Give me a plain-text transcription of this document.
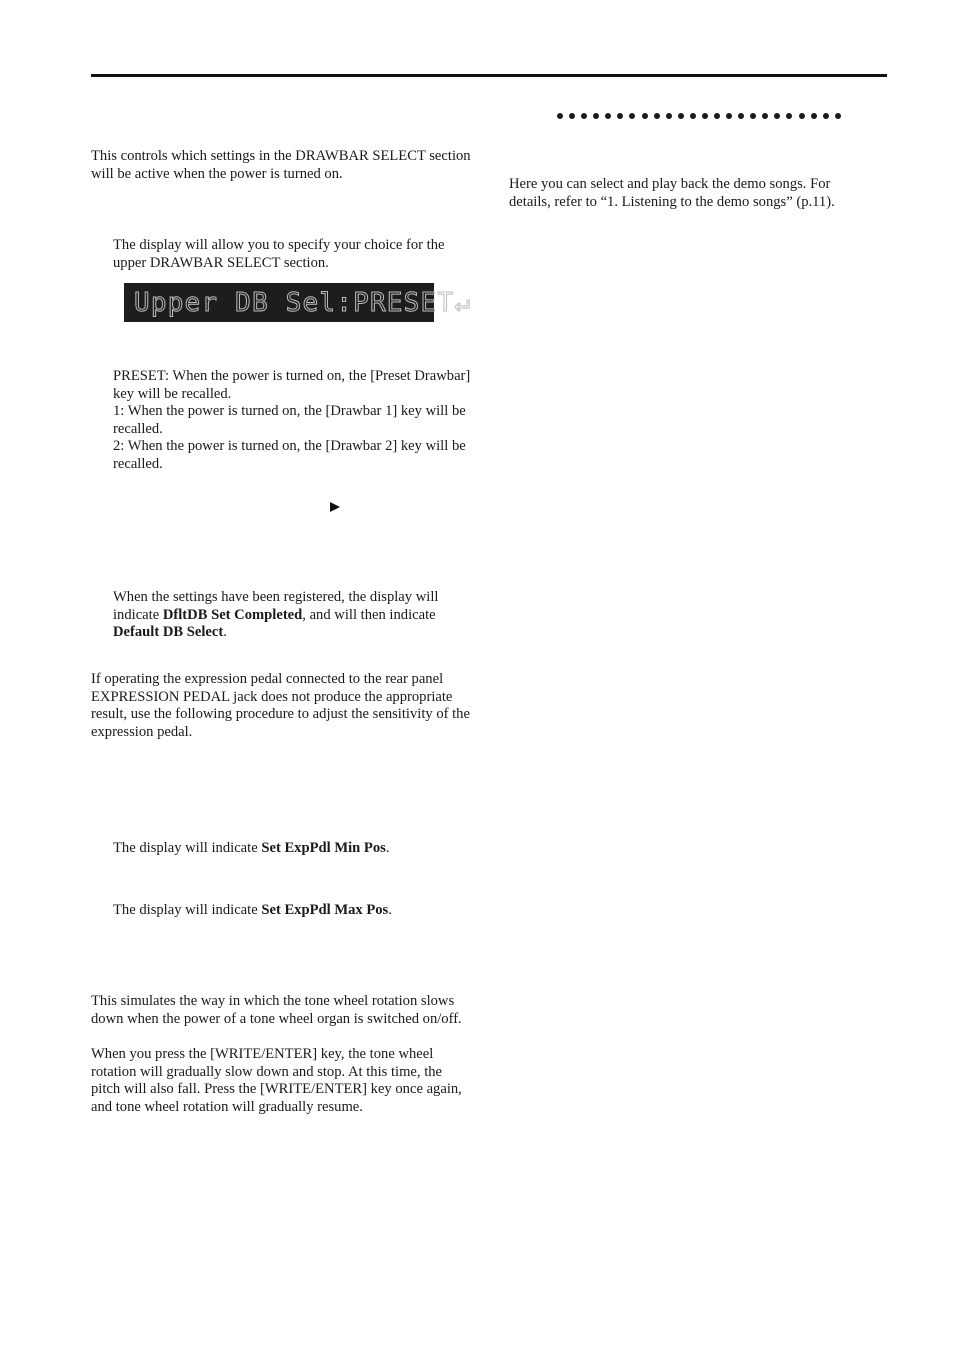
This controls which settings in the DRAWBAR SELECT section will be active when the power is turned on.

The display will allow you to specify your choice for the upper DRAWBAR SELECT section.

Upper DB Sel:PRESET↵

PRESET: When the power is turned on, the [Preset Drawbar] key will be recalled.

1: When the power is turned on, the [Drawbar 1] key will be recalled.

2: When the power is turned on, the [Drawbar 2] key will be recalled.

When the settings have been registered, the display will indicate DfltDB Set Completed, and will then indicate Default DB Select.

If operating the expression pedal connected to the rear panel EXPRESSION PEDAL jack does not produce the appropriate result, use the following procedure to adjust the sensitivity of the expression pedal.

The display will indicate Set ExpPdl Min Pos.

The display will indicate Set ExpPdl Max Pos.

This simulates the way in which the tone wheel rotation slows down when the power of a tone wheel organ is switched on/off.

When you press the [WRITE/ENTER] key, the tone wheel rotation will gradually slow down and stop. At this time, the pitch will also fall. Press the [WRITE/ENTER] key once again, and tone wheel rotation will gradually resume.

Here you can select and play back the demo songs. For details, refer to “1. Listening to the demo songs” (p.11).
